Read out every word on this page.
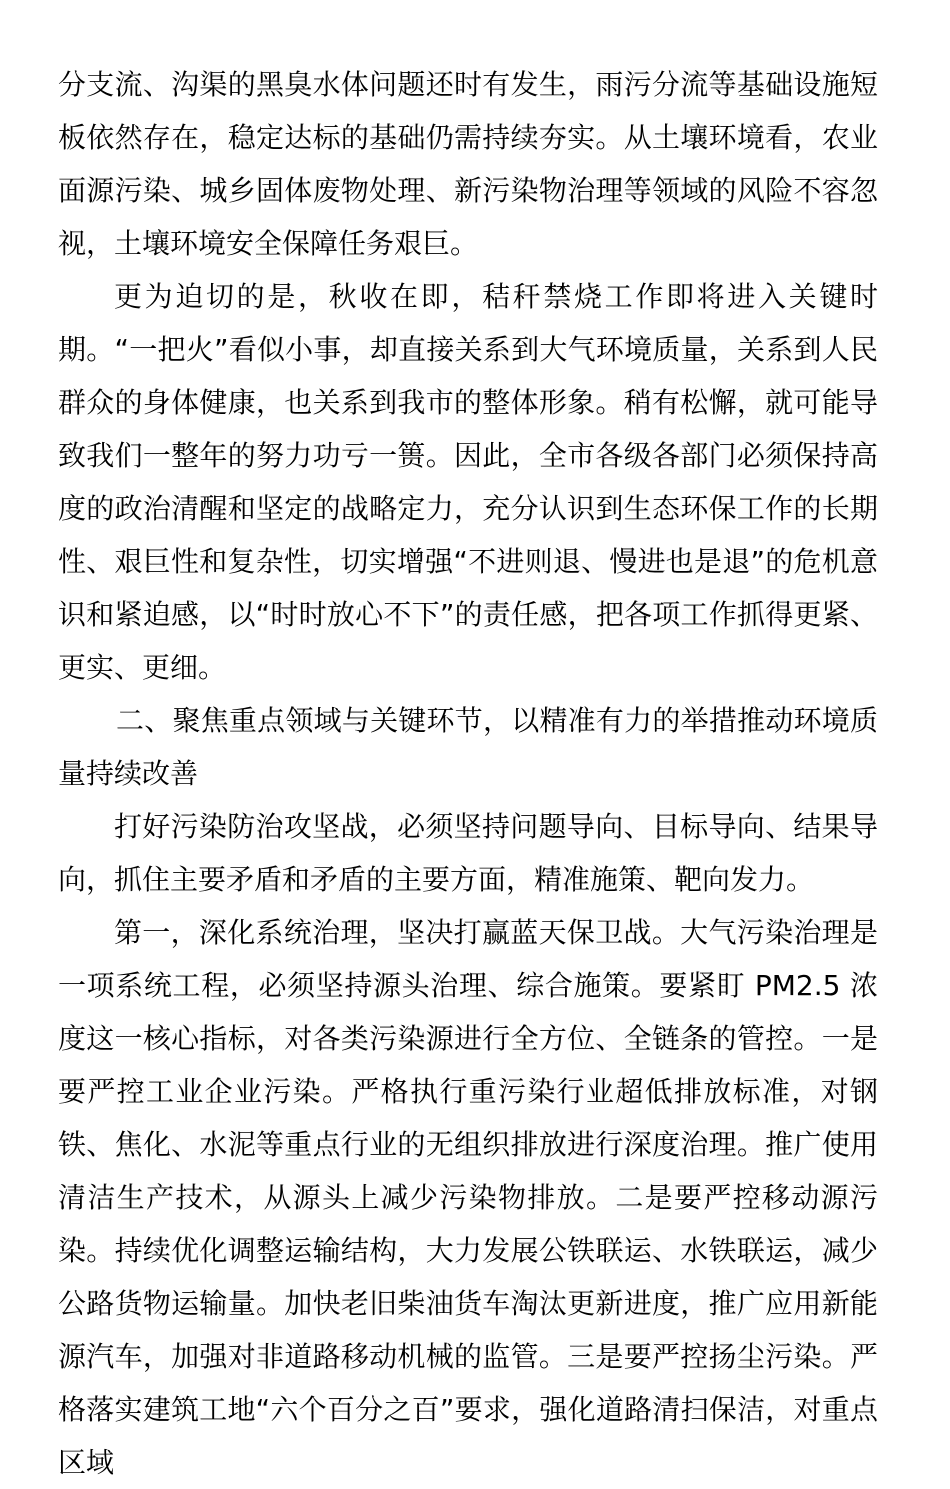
分支流、沟渠的黑臭水体问题还时有发生，雨污分流等基础设施短板依然存在，稳定达标的基础仍需持续夯实。从土壤环境看，农业面源污染、城乡固体废物处理、新污染物治理等领域的风险不容忽视，土壤环境安全保障任务艰巨。

更为迫切的是，秋收在即，秸秆禁烧工作即将进入关键时期。“一把火”看似小事，却直接关系到大气环境质量，关系到人民群众的身体健康，也关系到我市的整体形象。稍有松懈，就可能导致我们一整年的努力功亏一篑。因此，全市各级各部门必须保持高度的政治清醒和坚定的战略定力，充分认识到生态环保工作的长期性、艰巨性和复杂性，切实增强“不进则退、慢进也是退”的危机意识和紧迫感，以“时时放心不下”的责任感，把各项工作抓得更紧、更实、更细。

二、聚焦重点领域与关键环节，以精准有力的举措推动环境质量持续改善

打好污染防治攻坚战，必须坚持问题导向、目标导向、结果导向，抓住主要矛盾和矛盾的主要方面，精准施策、靶向发力。

第一，深化系统治理，坚决打赢蓝天保卫战。大气污染治理是一项系统工程，必须坚持源头治理、综合施策。要紧盯 PM2.5 浓度这一核心指标，对各类污染源进行全方位、全链条的管控。一是要严控工业企业污染。严格执行重污染行业超低排放标准，对钢铁、焦化、水泥等重点行业的无组织排放进行深度治理。推广使用清洁生产技术，从源头上减少污染物排放。二是要严控移动源污染。持续优化调整运输结构，大力发展公铁联运、水铁联运，减少公路货物运输量。加快老旧柴油货车淘汰更新进度，推广应用新能源汽车，加强对非道路移动机械的监管。三是要严控扬尘污染。严格落实建筑工地“六个百分之百”要求，强化道路清扫保洁，对重点区域
